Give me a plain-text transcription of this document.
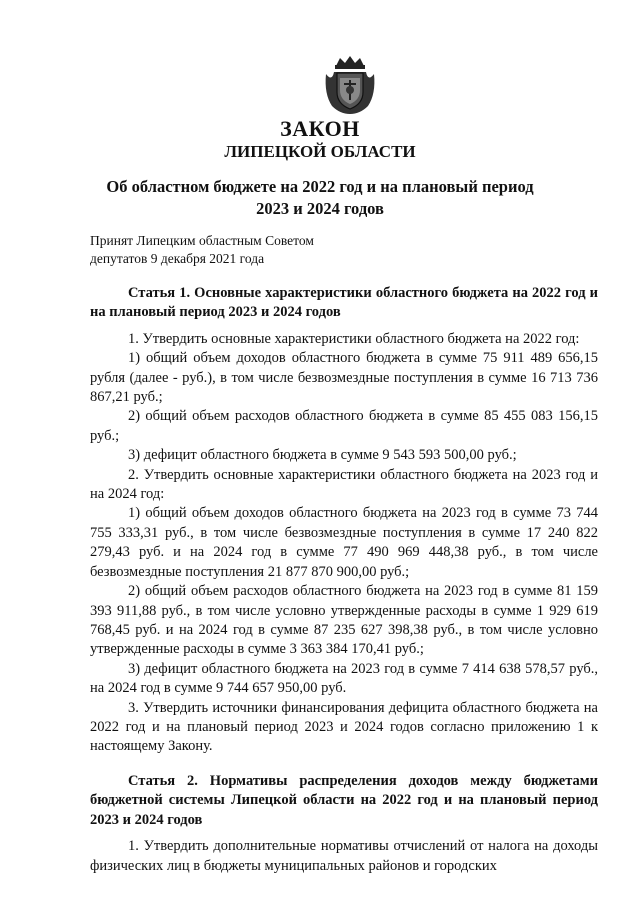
ЗАКОН
ЛИПЕЦКОЙ ОБЛАСТИ
Об областном бюджете на 2022 год и на плановый период
2023 и 2024 годов
Принят Липецким областным Советом
депутатов 9 декабря 2021 года

Статья 1. Основные характеристики областного бюджета на 2022 год и на плановый период 2023 и 2024 годов

1. Утвердить основные характеристики областного бюджета на 2022 год:

1) общий объем доходов областного бюджета в сумме 75 911 489 656,15 рубля (далее - руб.), в том числе безвозмездные поступления в сумме 16 713 736 867,21 руб.;

2) общий объем расходов областного бюджета в сумме 85 455 083 156,15 руб.;

3) дефицит областного бюджета в сумме 9 543 593 500,00 руб.;

2. Утвердить основные характеристики областного бюджета на 2023 год и на 2024 год:

1) общий объем доходов областного бюджета на 2023 год в сумме 73 744 755 333,31 руб., в том числе безвозмездные поступления в сумме 17 240 822 279,43 руб. и на 2024 год в сумме 77 490 969 448,38 руб., в том числе безвозмездные поступления 21 877 870 900,00 руб.;

2) общий объем расходов областного бюджета на 2023 год в сумме 81 159 393 911,88 руб., в том числе условно утвержденные расходы в сумме 1 929 619 768,45 руб. и на 2024 год в сумме 87 235 627 398,38 руб., в том числе условно утвержденные расходы в сумме 3 363 384 170,41 руб.;

3) дефицит областного бюджета на 2023 год в сумме 7 414 638 578,57 руб., на 2024 год в сумме 9 744 657 950,00 руб.

3. Утвердить источники финансирования дефицита областного бюджета на 2022 год и на плановый период 2023 и 2024 годов согласно приложению 1 к настоящему Закону.

Статья 2. Нормативы распределения доходов между бюджетами бюджетной системы Липецкой области на 2022 год и на плановый период 2023 и 2024 годов

1. Утвердить дополнительные нормативы отчислений от налога на доходы физических лиц в бюджеты муниципальных районов и городских
